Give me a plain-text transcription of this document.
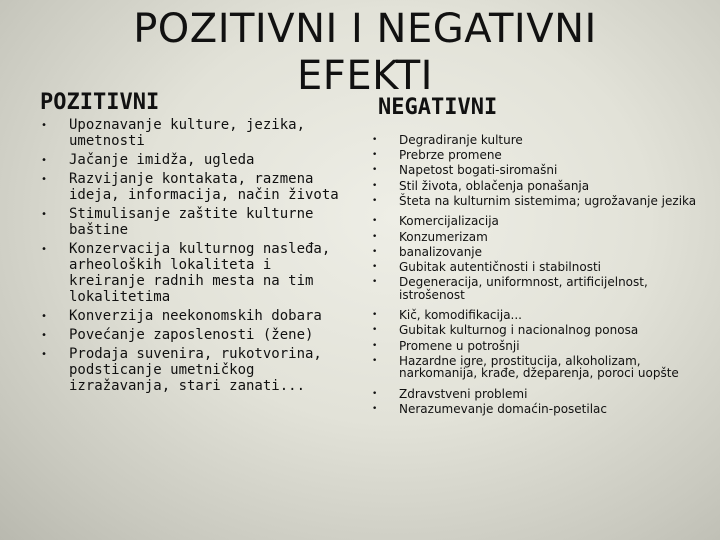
POZITIVNI I NEGATIVNI EFEKTI
POZITIVNI
• Upoznavanje kulture, jezika, umetnosti
• Jačanje imidža, ugleda
• Razvijanje kontakata, razmena ideja, informacija, način života
• Stimulisanje zaštite kulturne baštine
• Konzervacija kulturnog nasleđa, arheoloških lokaliteta i kreiranje radnih mesta na tim lokalitetima
• Konverzija neekonomskih dobara
• Povećanje zaposlenosti (žene)
• Prodaja suvenira, rukotvorina, podsticanje umetničkog izražavanja, stari zanati...
NEGATIVNI
• Degradiranje kulture
• Prebrze promene
• Napetost bogati-siromašni
• Stil života, oblačenja ponašanja
• Šteta na kulturnim sistemima; ugrožavanje jezika
• Komercijalizacija
• Konzumerizam
• banalizovanje
• Gubitak autentičnosti i stabilnosti
• Degeneracija, uniformnost, artificijelnost, istrošenost
• Kič, komodifikacija...
• Gubitak kulturnog i nacionalnog ponosa
• Promene u potrošnji
• Hazardne igre, prostitucija, alkoholizam, narkomanija, krađe, džeparenja, poroci uopšte
• Zdravstveni problemi
• Nerazumevanje domaćin-posetilac
